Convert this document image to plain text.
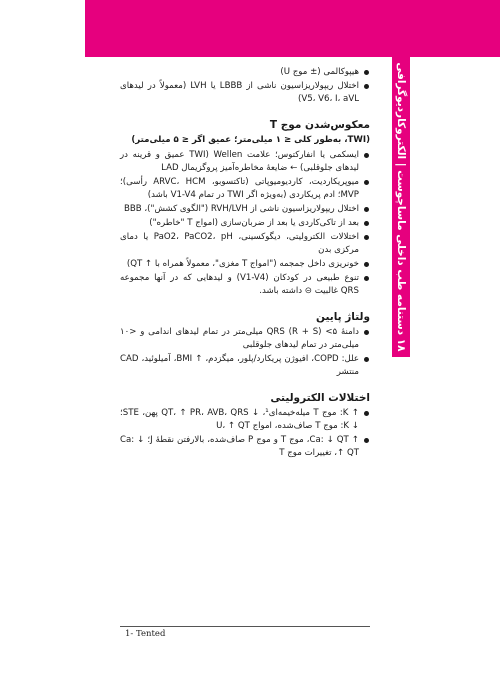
۱۸ دستنامه طب داخلی ماساچوست | الکتروکاردیوگرافی
هیپوکالمی (± موج U)
اختلال ریپولاریزاسیون ناشی از LBBB یا LVH (معمولاً در لیدهای V5، V6، I، aVL)
معکوس‌شدن موج T
(TWI، به‌طور کلی ≤ ۱ میلی‌متر؛ عمیق اگر ≤ ۵ میلی‌متر)
ایسکمی یا انفارکتوس؛ علامت Wellen (TWI عمیق و قرینه در لیدهای جلوقلبی) ← ضایعهٔ مخاطره‌آمیز پروگزیمال LAD
میوپریکاردیت، کاردیومیوپاتی (تاکتسوبو، ARVC، HCM رأسی)؛ MVP؛ ادم پریکاردی (به‌ویژه اگر TWI در تمام V1-V4 باشد)
اختلال ریپولاریزاسیون ناشی از RVH/LVH ("الگوی کشش")، BBB
بعد از تاکی‌کاردی یا بعد از ضربان‌سازی (امواج T "خاطره")
اختلالات الکترولیتی، دیگوکسینی، PaO2، PaCO2، pH یا دمای مرکزی بدن
خونریزی داخل جمجمه ("امواج T مغزی"، معمولاً همراه با ↑ QT)
تنوع طبیعی در کودکان (V1-V4) و لیدهایی که در آنها مجموعه QRS غالبیت ⊝ داشته باشد.
ولتاژ پایین
دامنهٔ QRS (R + S) <۵ میلی‌متر در تمام لیدهای اندامی و <۱۰ میلی‌متر در تمام لیدهای جلوقلبی
علل: COPD، افیوژن پریکارد/پلور، میگزدم، ↑ BMI، آمیلوئید، CAD منتشر
اختلالات الکترولیتی
↑ K: موج T میله‌خیمه‌ای¹، ↓ QT، ↑ PR، AVB، QRS پهن، STE؛ ↓ K: موج T صاف‌شده، امواج U، ↑ QT
↑ Ca: ↓ QT، موج T و موج P صاف‌شده، بالارفتن نقطهٔ J؛ ↓ Ca: ↑ QT، تغییرات موج T
1- Tented
